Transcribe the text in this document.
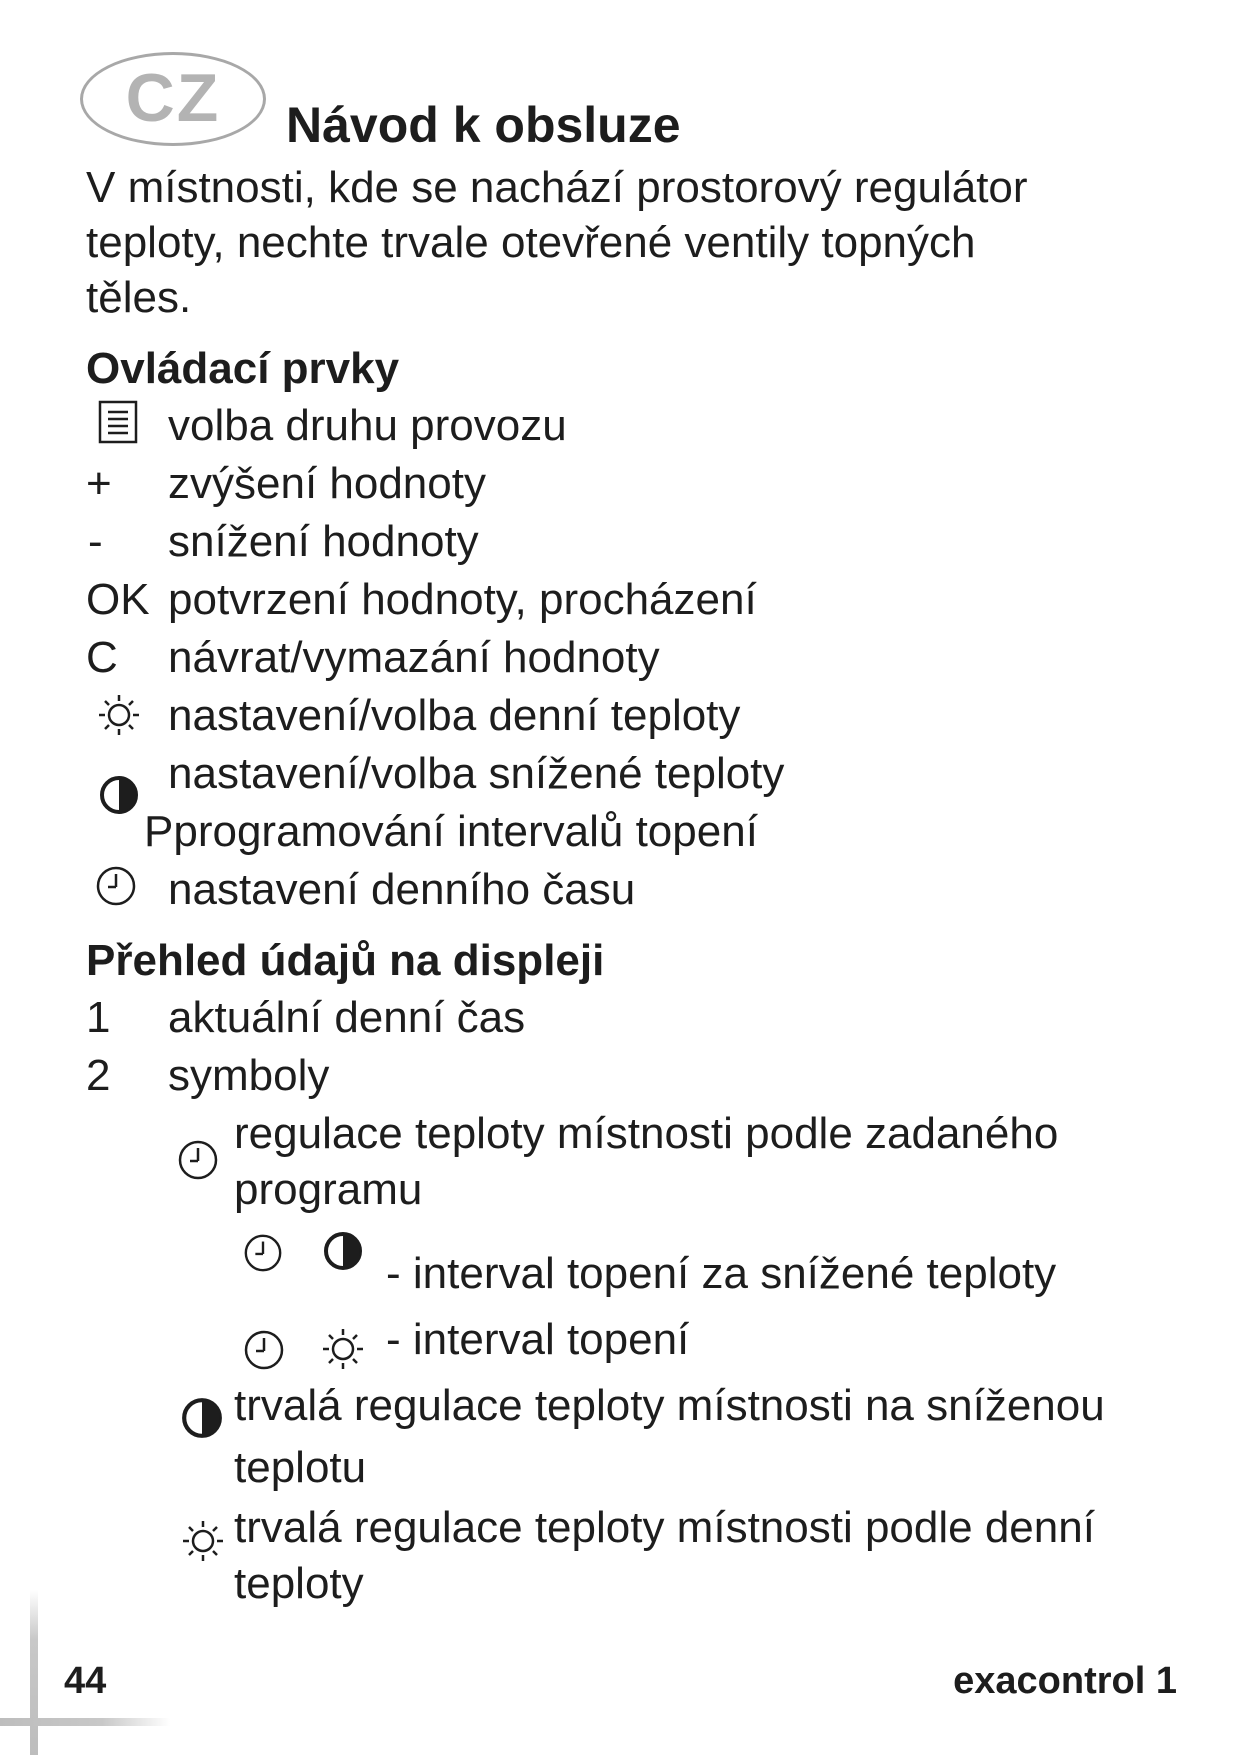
CZ	Návod k obsluze
V místnosti, kde se nachází prostorový regulátor
teploty, nechte trvale otevřené ventily topných
těles.
Ovládací prvky
volba druhu provozu
+ zvýšení hodnoty
- snížení hodnoty
OK potvrzení hodnoty, procházení
C návrat/vymazání hodnoty
nastavení/volba denní teploty
nastavení/volba snížené teploty
Pprogramování intervalů topení
nastavení denního času
Přehled údajů na displeji
1 aktuální denní čas
2 symboly
regulace teploty místnosti podle zadaného
programu
- interval topení za snížené teploty
- interval topení
trvalá regulace teploty místnosti na sníženou
teplotu
trvalá regulace teploty místnosti podle denní
teploty
44	exacontrol 1
